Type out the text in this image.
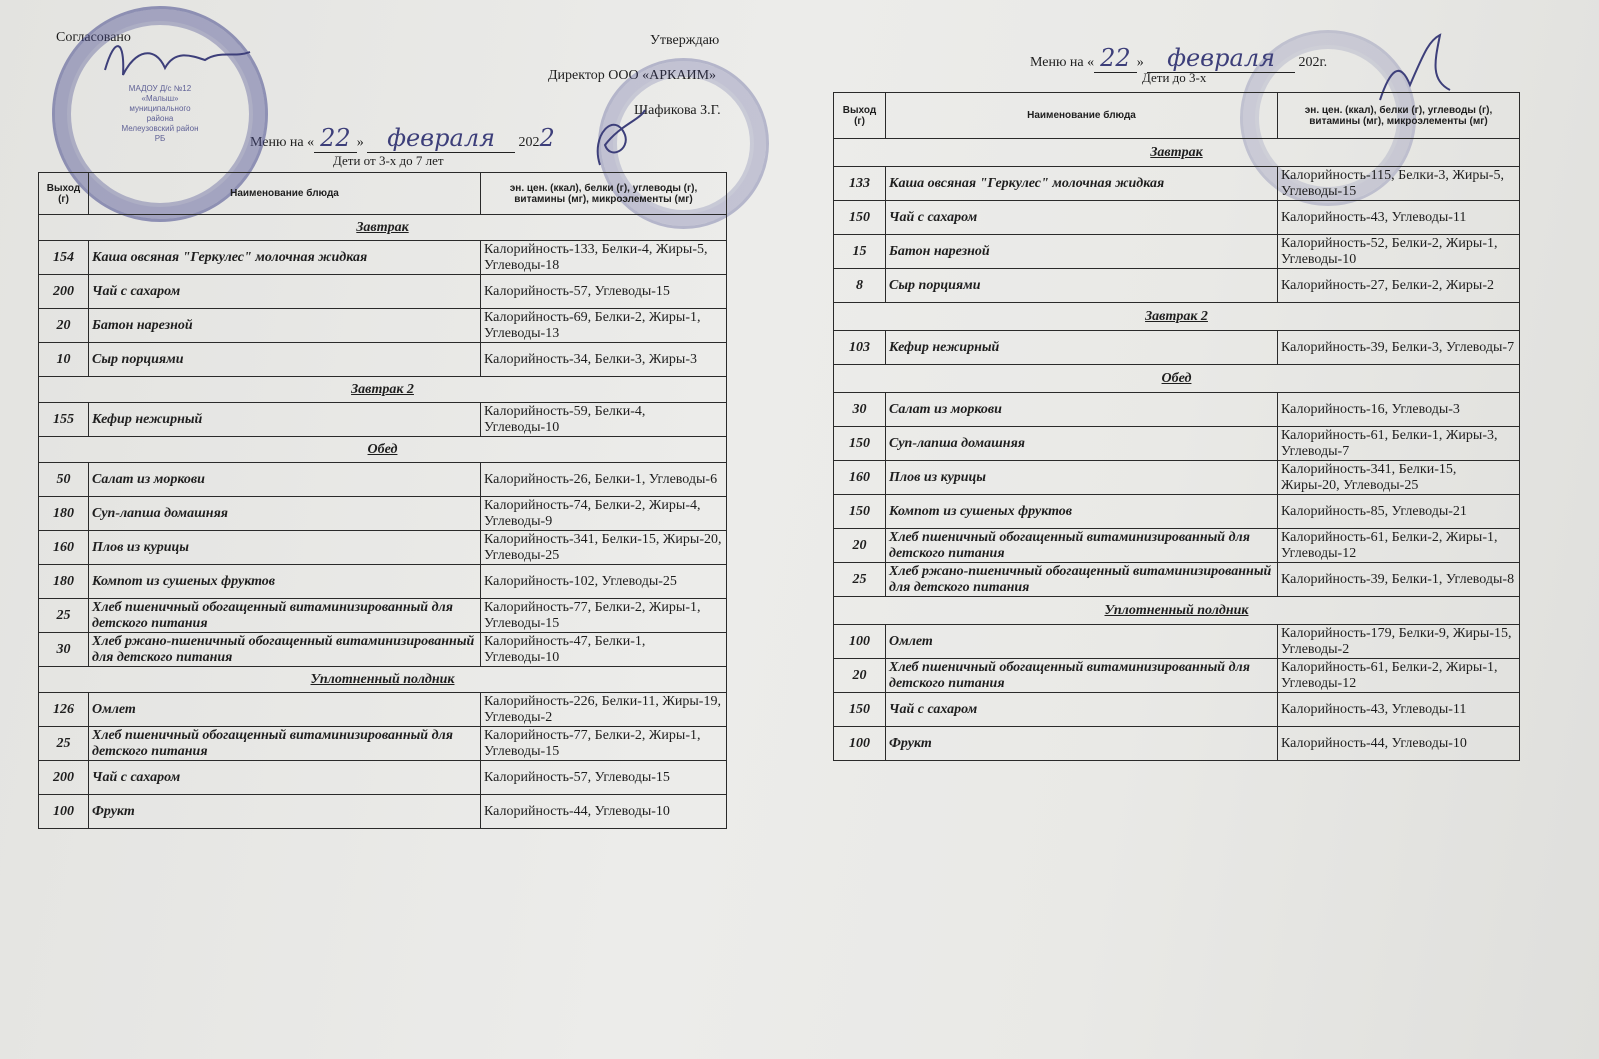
Согласовано	Утверждаю
Директор ООО «АРКАИМ»
Шафикова З.Г.
Меню на « 22 » февраля 2022
Дети от 3-х до 7 лет
МАДОУ Д/с №12 «Малыш» муниципального района Мелеузовский район РБ
Выход (г)	Наименование блюда	эн. цен. (ккал), белки (г), углеводы (г), витамины (мг), микроэлементы (мг)
Завтрак		
154	Каша овсяная "Геркулес" молочная жидкая	Калорийность-133, Белки-4, Жиры-5, Углеводы-18
200	Чай с сахаром	Калорийность-57, Углеводы-15
20	Батон нарезной	Калорийность-69, Белки-2, Жиры-1, Углеводы-13
10	Сыр порциями	Калорийность-34, Белки-3, Жиры-3
Завтрак 2		
155	Кефир нежирный	Калорийность-59, Белки-4, Углеводы-10
Обед		
50	Салат из моркови	Калорийность-26, Белки-1, Углеводы-6
180	Суп-лапша домашняя	Калорийность-74, Белки-2, Жиры-4, Углеводы-9
160	Плов из курицы	Калорийность-341, Белки-15, Жиры-20, Углеводы-25
180	Компот из сушеных фруктов	Калорийность-102, Углеводы-25
25	Хлеб пшеничный обогащенный витаминизированный для детского питания	Калорийность-77, Белки-2, Жиры-1, Углеводы-15
30	Хлеб ржано-пшеничный обогащенный витаминизированный для детского питания	Калорийность-47, Белки-1, Углеводы-10
Уплотненный полдник		
126	Омлет	Калорийность-226, Белки-11, Жиры-19, Углеводы-2
25	Хлеб пшеничный обогащенный витаминизированный для детского питания	Калорийность-77, Белки-2, Жиры-1, Углеводы-15
200	Чай с сахаром	Калорийность-57, Углеводы-15
100	Фрукт	Калорийность-44, Углеводы-10
Меню на « 22 » февраля 202г.
Дети до 3-х
Выход (г)	Наименование блюда	эн. цен. (ккал), белки (г), углеводы (г), витамины (мг), микроэлементы (мг)
Завтрак		
133	Каша овсяная "Геркулес" молочная жидкая	Калорийность-115, Белки-3, Жиры-5, Углеводы-15
150	Чай с сахаром	Калорийность-43, Углеводы-11
15	Батон нарезной	Калорийность-52, Белки-2, Жиры-1, Углеводы-10
8	Сыр порциями	Калорийность-27, Белки-2, Жиры-2
Завтрак 2		
103	Кефир нежирный	Калорийность-39, Белки-3, Углеводы-7
Обед		
30	Салат из моркови	Калорийность-16, Углеводы-3
150	Суп-лапша домашняя	Калорийность-61, Белки-1, Жиры-3, Углеводы-7
160	Плов из курицы	Калорийность-341, Белки-15, Жиры-20, Углеводы-25
150	Компот из сушеных фруктов	Калорийность-85, Углеводы-21
20	Хлеб пшеничный обогащенный витаминизированный для детского питания	Калорийность-61, Белки-2, Жиры-1, Углеводы-12
25	Хлеб ржано-пшеничный обогащенный витаминизированный для детского питания	Калорийность-39, Белки-1, Углеводы-8
Уплотненный полдник		
100	Омлет	Калорийность-179, Белки-9, Жиры-15, Углеводы-2
20	Хлеб пшеничный обогащенный витаминизированный для детского питания	Калорийность-61, Белки-2, Жиры-1, Углеводы-12
150	Чай с сахаром	Калорийность-43, Углеводы-11
100	Фрукт	Калорийность-44, Углеводы-10
